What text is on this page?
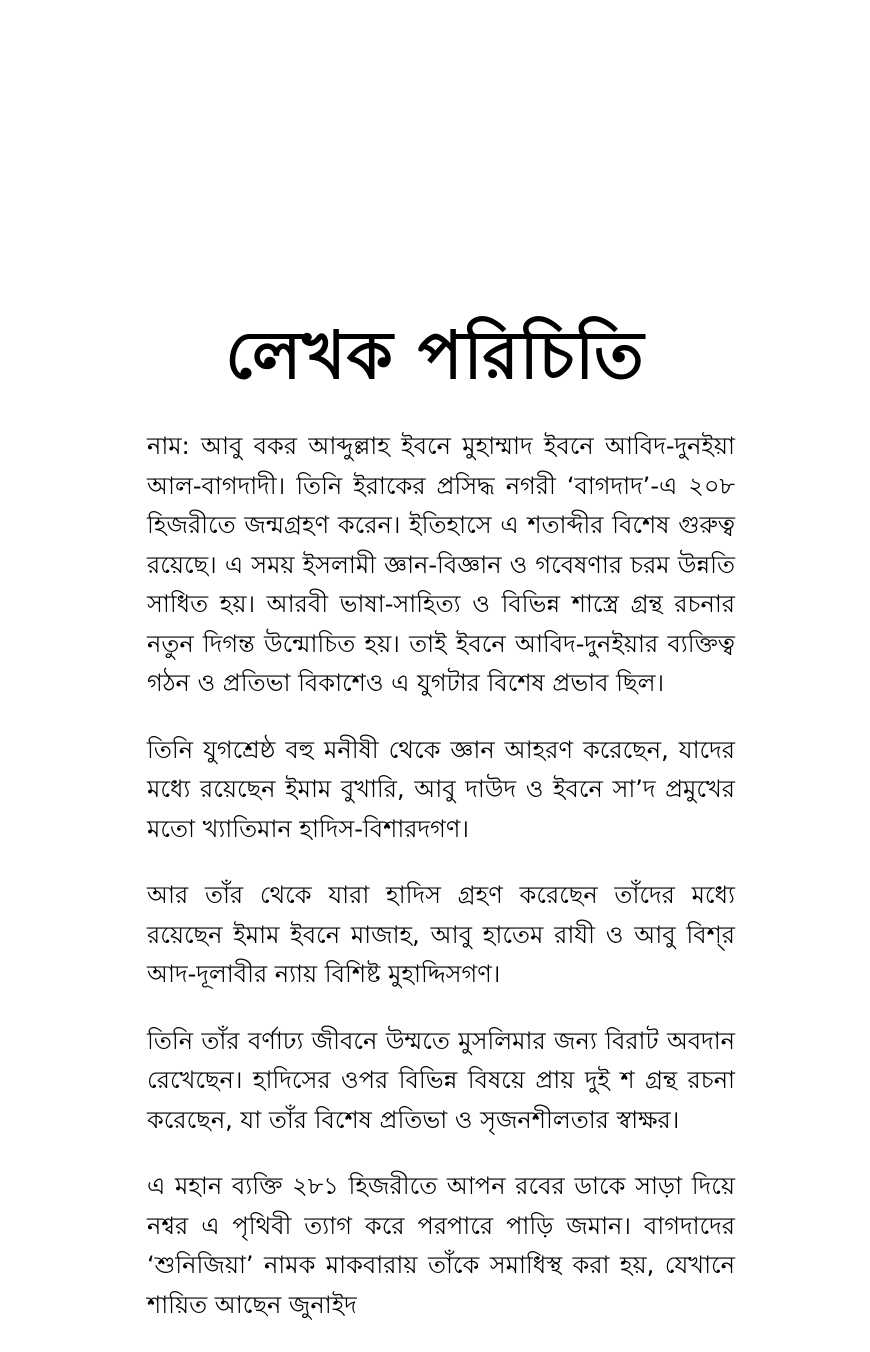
লেখক পরিচিতি

নাম: আবু বকর আব্দুল্লাহ ইবনে মুহাম্মাদ ইবনে আবিদ-দুনইয়া আল-বাগদাদী। তিনি ইরাকের প্রসিদ্ধ নগরী ‘বাগদাদ’-এ ২০৮ হিজরীতে জন্মগ্রহণ করেন। ইতিহাসে এ শতাব্দীর বিশেষ গুরুত্ব রয়েছে। এ সময় ইসলামী জ্ঞান-বিজ্ঞান ও গবেষণার চরম উন্নতি সাধিত হয়। আরবী ভাষা-সাহিত্য ও বিভিন্ন শাস্ত্রে গ্রন্থ রচনার নতুন দিগন্ত উন্মোচিত হয়। তাই ইবনে আবিদ-দুনইয়ার ব্যক্তিত্ব গঠন ও প্রতিভা বিকাশেও এ যুগটার বিশেষ প্রভাব ছিল।

তিনি যুগশ্রেষ্ঠ বহু মনীষী থেকে জ্ঞান আহরণ করেছেন, যাদের মধ্যে রয়েছেন ইমাম বুখারি, আবু দাউদ ও ইবনে সা’দ প্রমুখের মতো খ্যাতিমান হাদিস-বিশারদগণ।

আর তাঁর থেকে যারা হাদিস গ্রহণ করেছেন তাঁদের মধ্যে রয়েছেন ইমাম ইবনে মাজাহ, আবু হাতেম রাযী ও আবু বিশ্‌র আদ-দূলাবীর ন্যায় বিশিষ্ট মুহাদ্দিসগণ।

তিনি তাঁর বর্ণাঢ্য জীবনে উম্মতে মুসলিমার জন্য বিরাট অবদান রেখেছেন। হাদিসের ওপর বিভিন্ন বিষয়ে প্রায় দুই শ গ্রন্থ রচনা করেছেন, যা তাঁর বিশেষ প্রতিভা ও সৃজনশীলতার স্বাক্ষর।

এ মহান ব্যক্তি ২৮১ হিজরীতে আপন রবের ডাকে সাড়া দিয়ে নশ্বর এ পৃথিবী ত্যাগ করে পরপারে পাড়ি জমান। বাগদাদের ‘শুনিজিয়া’ নামক মাকবারায় তাঁকে সমাধিস্থ করা হয়, যেখানে শায়িত আছেন জুনাইদ
